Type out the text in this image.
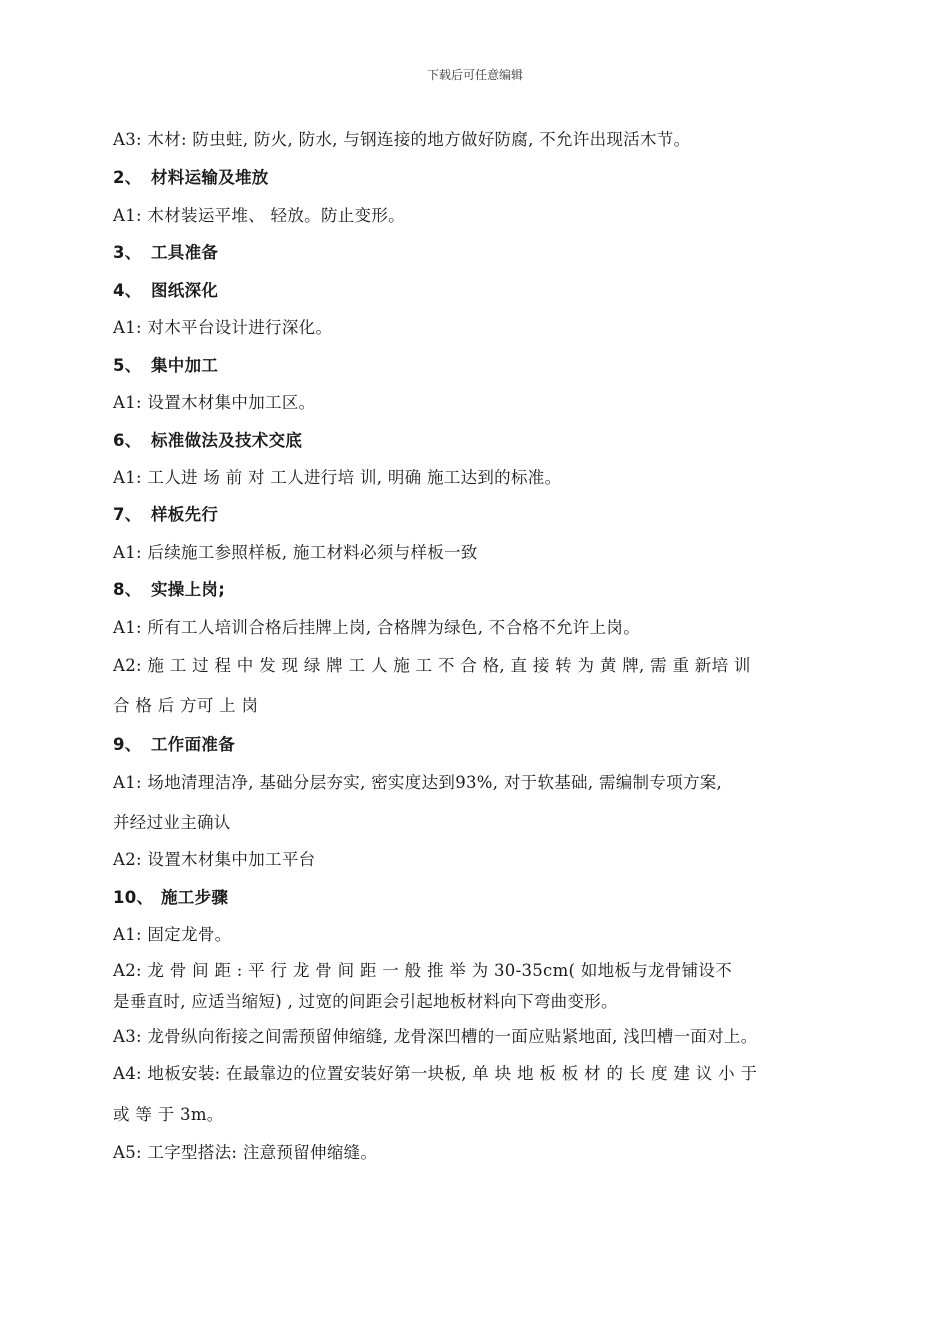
下载后可任意编辑
A3: 木材: 防虫蛀, 防火, 防水, 与钢连接的地方做好防腐, 不允许出现活木节。
2、 材料运输及堆放
A1: 木材装运平堆、 轻放。防止变形。
3、 工具准备
4、 图纸深化
A1: 对木平台设计进行深化。
5、 集中加工
A1: 设置木材集中加工区。
6、 标准做法及技术交底
A1: 工人进 场 前 对 工人进行培 训, 明确 施工达到的标准。
7、 样板先行
A1: 后续施工参照样板, 施工材料必须与样板一致
8、 实操上岗;
A1: 所有工人培训合格后挂牌上岗, 合格牌为绿色, 不合格不允许上岗。
A2: 施 工 过 程 中 发 现 绿 牌 工 人 施 工 不 合 格, 直 接 转 为 黄 牌, 需 重 新培 训
合 格 后 方可 上 岗
9、 工作面准备
A1: 场地清理洁净, 基础分层夯实, 密实度达到93%, 对于软基础, 需编制专项方案,
并经过业主确认
A2: 设置木材集中加工平台
10、 施工步骤
A1: 固定龙骨。
A2: 龙 骨 间 距 : 平 行 龙 骨 间 距 一 般 推 举 为 30-35cm( 如地板与龙骨铺设不
是垂直时, 应适当缩短) , 过宽的间距会引起地板材料向下弯曲变形。
A3: 龙骨纵向衔接之间需预留伸缩缝, 龙骨深凹槽的一面应贴紧地面, 浅凹槽一面对上。
A4: 地板安装: 在最靠边的位置安装好第一块板, 单 块 地 板 板 材 的 长 度 建 议 小 于
或 等 于 3m。
A5: 工字型搭法: 注意预留伸缩缝。
